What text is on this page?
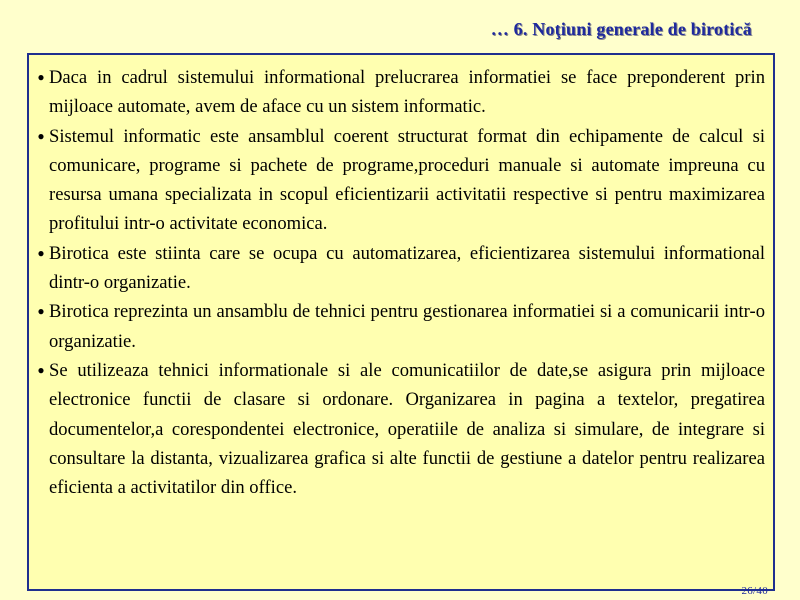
… 6. Noţiuni generale de birotică
● Daca in cadrul sistemului informational prelucrarea informatiei se face preponderent prin mijloace automate, avem de aface cu un sistem informatic.
● Sistemul informatic este ansamblul coerent structurat format din echipamente de calcul si comunicare, programe si pachete de programe,proceduri manuale si automate impreuna cu resursa umana specializata in scopul eficientizarii activitatii respective si pentru maximizarea profitului intr-o activitate economica.
● Birotica este stiinta care se ocupa cu automatizarea, eficientizarea sistemului informational dintr-o organizatie.
● Birotica reprezinta un ansamblu de tehnici pentru gestionarea informatiei si a comunicarii intr-o organizatie.
● Se utilizeaza tehnici informationale si ale comunicatiilor de date,se asigura prin mijloace electronice functii de clasare si ordonare. Organizarea in pagina a textelor, pregatirea documentelor,a corespondentei electronice, operatiile de analiza si simulare, de integrare si consultare la distanta, vizualizarea grafica si alte functii de gestiune a datelor pentru realizarea eficienta a activitatilor din office.
26/40
